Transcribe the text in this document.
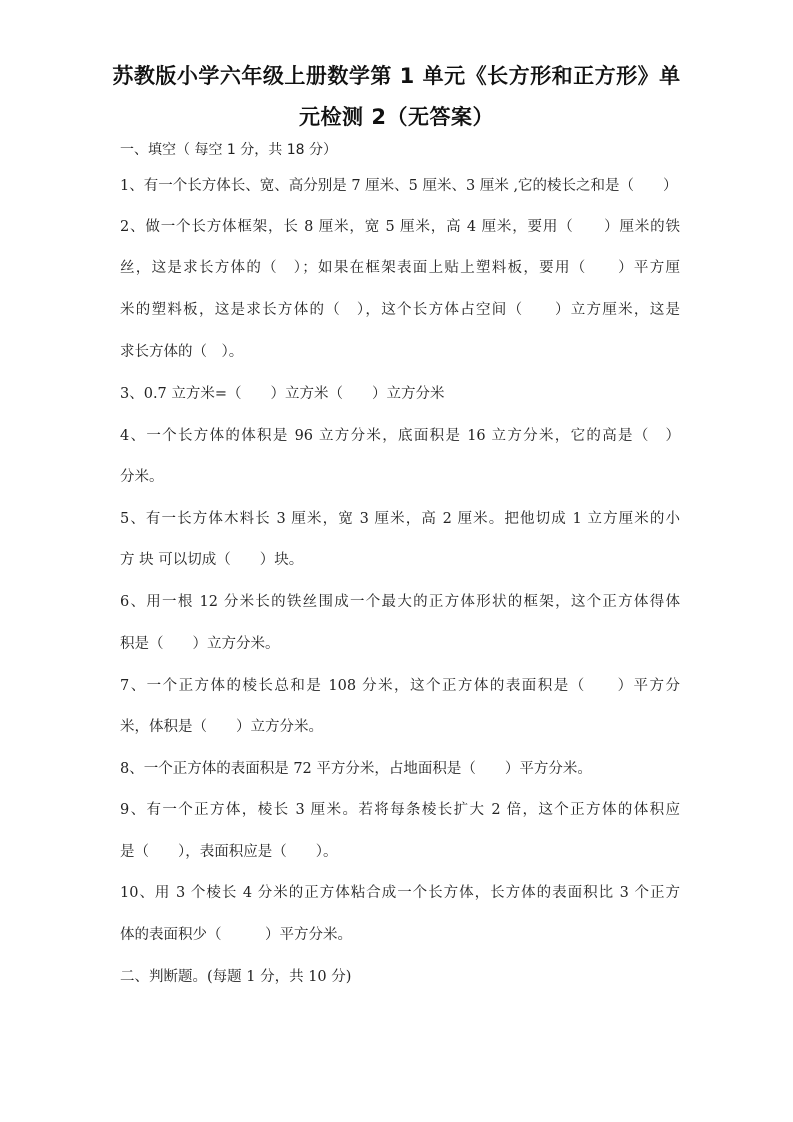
苏教版小学六年级上册数学第 1 单元《长方形和正方形》单
元检测 2（无答案）
一、填空（ 每空 1 分，共 18 分）
1、有一个长方体长、宽、高分别是 7 厘米、5 厘米、3 厘米 ,它的棱长之和是（　　）
2、做一个长方体框架，长 8 厘米，宽 5 厘米，高 4 厘米，要用（　　）厘米的铁
丝，这是求长方体的（　）；如果在框架表面上贴上塑料板，要用（　　）平方厘
米的塑料板，这是求长方体的（　），这个长方体占空间（　　）立方厘米，这是
求长方体的（　）。
3、0.7 立方米=（　　）立方米（　　）立方分米
4、一个长方体的体积是 96 立方分米，底面积是 16 立方分米，它的高是（　）
分米。
5、有一长方体木料长 3 厘米，宽 3 厘米，高 2 厘米。把他切成 1 立方厘米的小
方 块 可以切成（　　）块。
6、用一根 12 分米长的铁丝围成一个最大的正方体形状的框架，这个正方体得体
积是（　　）立方分米。
7、一个正方体的棱长总和是 108 分米，这个正方体的表面积是（　　）平方分
米，体积是（　　）立方分米。
8、一个正方体的表面积是 72 平方分米，占地面积是（　　）平方分米。
9、有一个正方体，棱长 3 厘米。若将每条棱长扩大 2 倍，这个正方体的体积应
是（　　），表面积应是（　　）。
10、用 3 个棱长 4 分米的正方体粘合成一个长方体，长方体的表面积比 3 个正方
体的表面积少（　　　）平方分米。
二、判断题。(每题 1 分，共 10 分)
